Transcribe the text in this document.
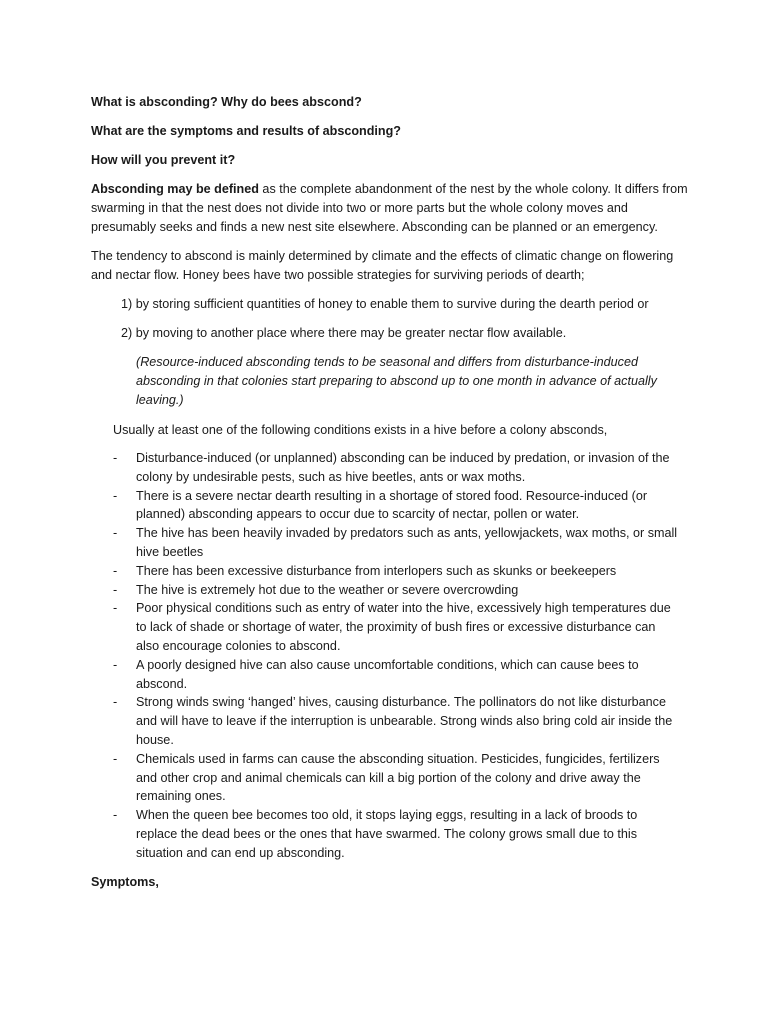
What is absconding? Why do bees abscond?

What are the symptoms and results of absconding?

How will you prevent it?

Absconding may be defined as the complete abandonment of the nest by the whole colony. It differs from swarming in that the nest does not divide into two or more parts but the whole colony moves and presumably seeks and finds a new nest site elsewhere. Absconding can be planned or an emergency.

The tendency to abscond is mainly determined by climate and the effects of climatic change on flowering and nectar flow. Honey bees have two possible strategies for surviving periods of dearth;

1) by storing sufficient quantities of honey to enable them to survive during the dearth period or
2) by moving to another place where there may be greater nectar flow available.
(Resource-induced absconding tends to be seasonal and differs from disturbance-induced absconding in that colonies start preparing to abscond up to one month in advance of actually leaving.)
Usually at least one of the following conditions exists in a hive before a colony absconds,
- Disturbance-induced (or unplanned) absconding can be induced by predation, or invasion of the colony by undesirable pests, such as hive beetles, ants or wax moths.
- There is a severe nectar dearth resulting in a shortage of stored food. Resource-induced (or planned) absconding appears to occur due to scarcity of nectar, pollen or water.
- The hive has been heavily invaded by predators such as ants, yellowjackets, wax moths, or small hive beetles
- There has been excessive disturbance from interlopers such as skunks or beekeepers
- The hive is extremely hot due to the weather or severe overcrowding
- Poor physical conditions such as entry of water into the hive, excessively high temperatures due to lack of shade or shortage of water, the proximity of bush fires or excessive disturbance can also encourage colonies to abscond.
- A poorly designed hive can also cause uncomfortable conditions, which can cause bees to abscond.
- Strong winds swing ‘hanged’ hives, causing disturbance. The pollinators do not like disturbance and will have to leave if the interruption is unbearable. Strong winds also bring cold air inside the house.
- Chemicals used in farms can cause the absconding situation. Pesticides, fungicides, fertilizers and other crop and animal chemicals can kill a big portion of the colony and drive away the remaining ones.
- When the queen bee becomes too old, it stops laying eggs, resulting in a lack of broods to replace the dead bees or the ones that have swarmed. The colony grows small due to this situation and can end up absconding.

Symptoms,
